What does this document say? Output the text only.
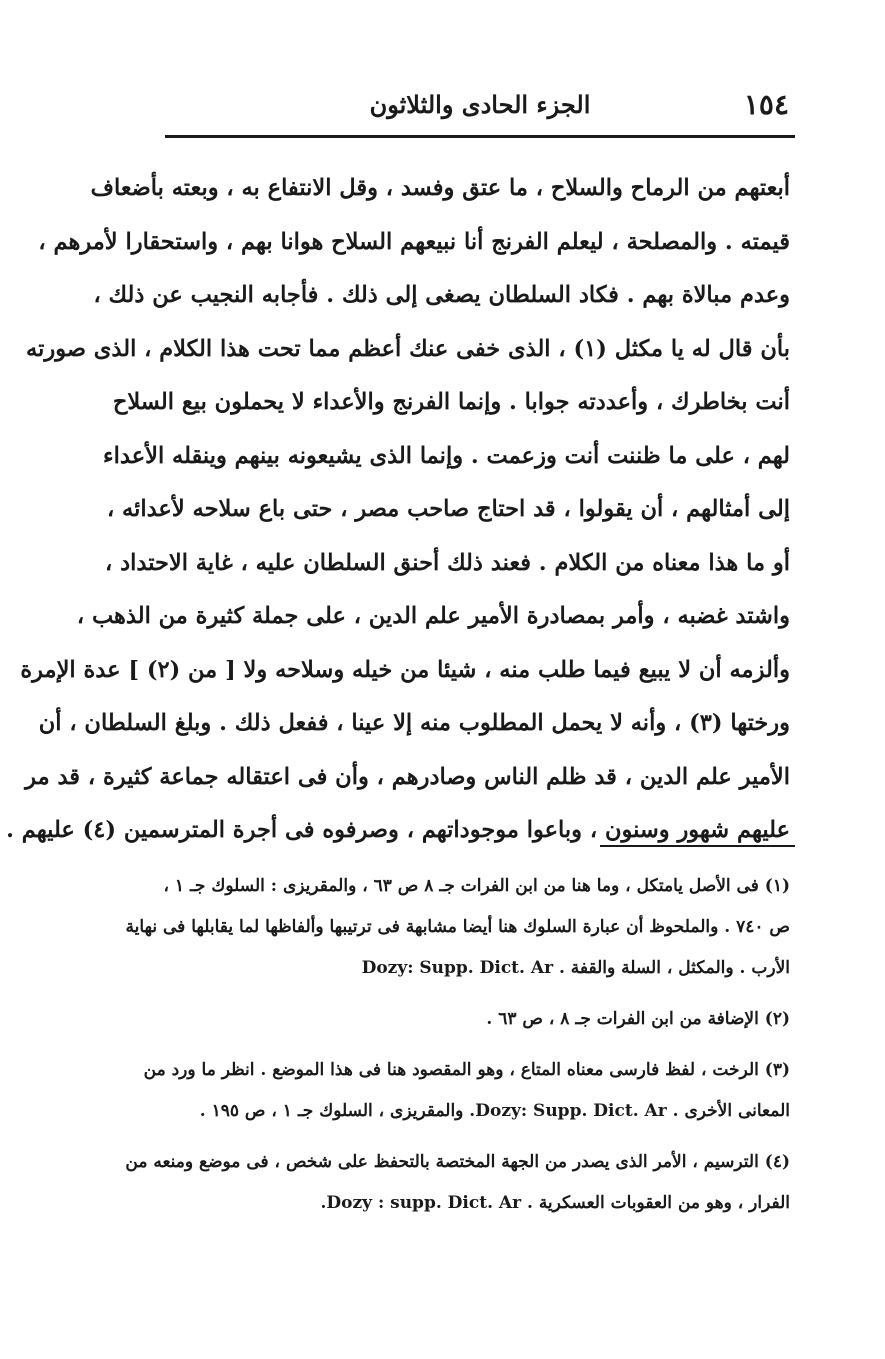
١٥٤
الجزء الحادى والثلاثون
أبعتهم من الرماح والسلاح ، ما عتق وفسد ، وقل الانتفاع به ، وبعته بأضعاف
قيمته . والمصلحة ، ليعلم الفرنج أنا نبيعهم السلاح هوانا بهم ، واستحقارا لأمرهم ،
وعدم مبالاة بهم . فكاد السلطان يصغى إلى ذلك . فأجابه النجيب عن ذلك ،
بأن قال له يا مكثل (١) ، الذى خفى عنك أعظم مما تحت هذا الكلام ، الذى صورته
أنت بخاطرك ، وأعددته جوابا . وإنما الفرنج والأعداء لا يحملون بيع السلاح
لهم ، على ما ظننت أنت وزعمت . وإنما الذى يشيعونه بينهم وينقله الأعداء
إلى أمثالهم ، أن يقولوا ، قد احتاج صاحب مصر ، حتى باع سلاحه لأعدائه ،
أو ما هذا معناه من الكلام . فعند ذلك أحنق السلطان عليه ، غاية الاحتداد ،
واشتد غضبه ، وأمر بمصادرة الأمير علم الدين ، على جملة كثيرة من الذهب ،
وألزمه أن لا يبيع فيما طلب منه ، شيئا من خيله وسلاحه ولا [ من (٢) ] عدة الإمرة
ورختها (٣) ، وأنه لا يحمل المطلوب منه إلا عينا ، ففعل ذلك . وبلغ السلطان ، أن
الأمير علم الدين ، قد ظلم الناس وصادرهم ، وأن فى اعتقاله جماعة كثيرة ، قد مر
عليهم شهور وسنون ، وباعوا موجوداتهم ، وصرفوه فى أجرة المترسمين (٤) عليهم .
(١) فى الأصل يامتكل ، وما هنا من ابن الفرات جـ ٨ ص ٦٣ ، والمقريزى : السلوك جـ ١ ،
ص ٧٤٠ . والملحوظ أن عبارة السلوك هنا أيضا مشابهة فى ترتيبها وألفاظها لما يقابلها فى نهاية
الأرب . والمكثل ، السلة والقفة . Dozy: Supp. Dict. Ar
(٢) الإضافة من ابن الفرات جـ ٨ ، ص ٦٣ .
(٣) الرخت ، لفظ فارسى معناه المتاع ، وهو المقصود هنا فى هذا الموضع . انظر ما ورد من
المعانى الأخرى . Dozy: Supp. Dict. Ar. والمقريزى ، السلوك جـ ١ ، ص ١٩٥ .
(٤) الترسيم ، الأمر الذى يصدر من الجهة المختصة بالتحفظ على شخص ، فى موضع ومنعه من
الفرار ، وهو من العقوبات العسكرية . Dozy : supp. Dict. Ar.
